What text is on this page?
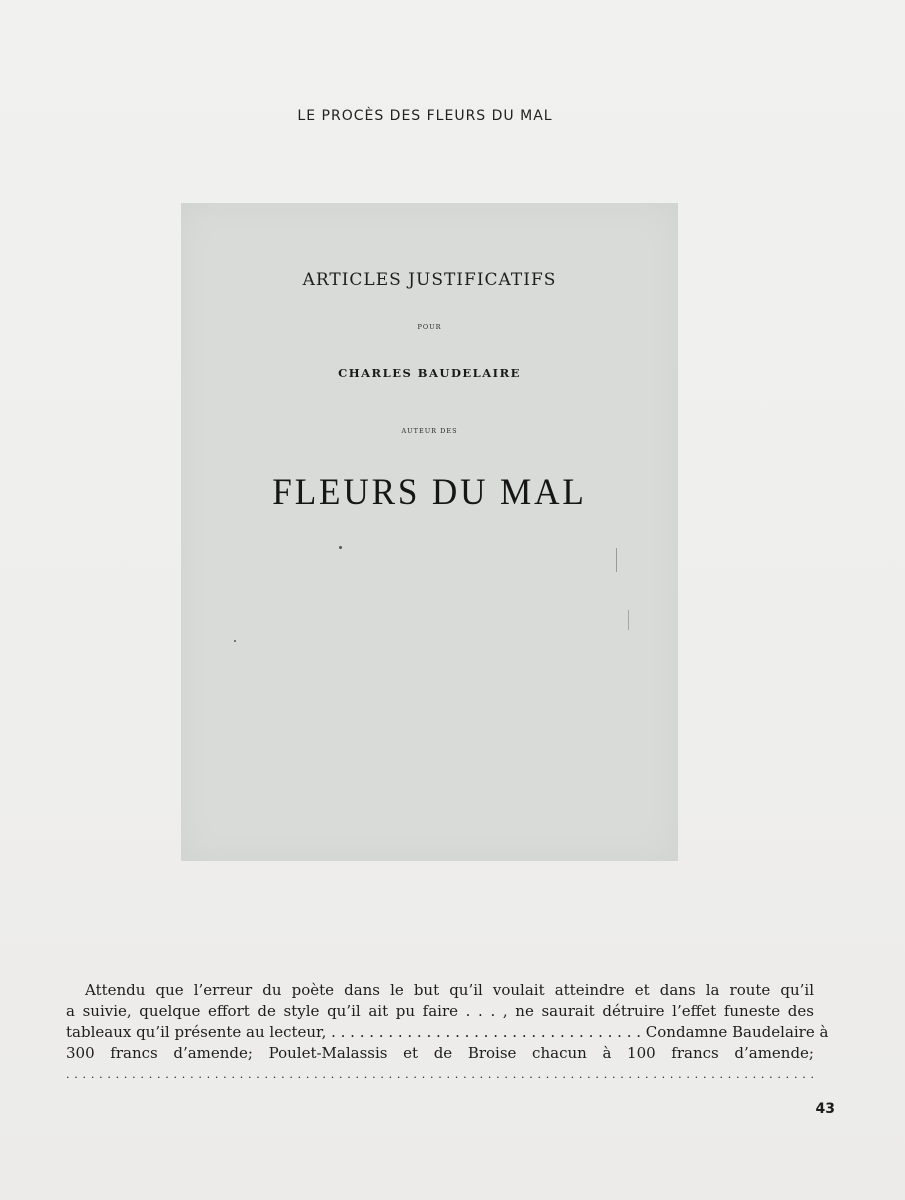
LE PROCÈS DES FLEURS DU MAL
ARTICLES JUSTIFICATIFS
POUR
CHARLES BAUDELAIRE
AUTEUR DES
FLEURS DU MAL

Attendu que l’erreur du poète dans le but qu’il voulait atteindre et dans la route qu’il

a suivie, quelque effort de style qu’il ait pu faire . . . , ne saurait détruire l’effet funeste des

tableaux qu’il présente au lecteur, . . . . . . . . . . . . . . . . . . . . . . . . . . . . . . . . . Condamne Baudelaire à

300 francs d’amende; Poulet-Malassis et de Broise chacun à 100 francs d’amende;

. . . . . . . . . . . . . . . . . . . . . . . . . . . . . . . . . . . . . . . . . . . . . . . . . . . . . . . . . . . . . . . . . . . . . . . . . . . . . . . . . . . . . . . . . . .

43
